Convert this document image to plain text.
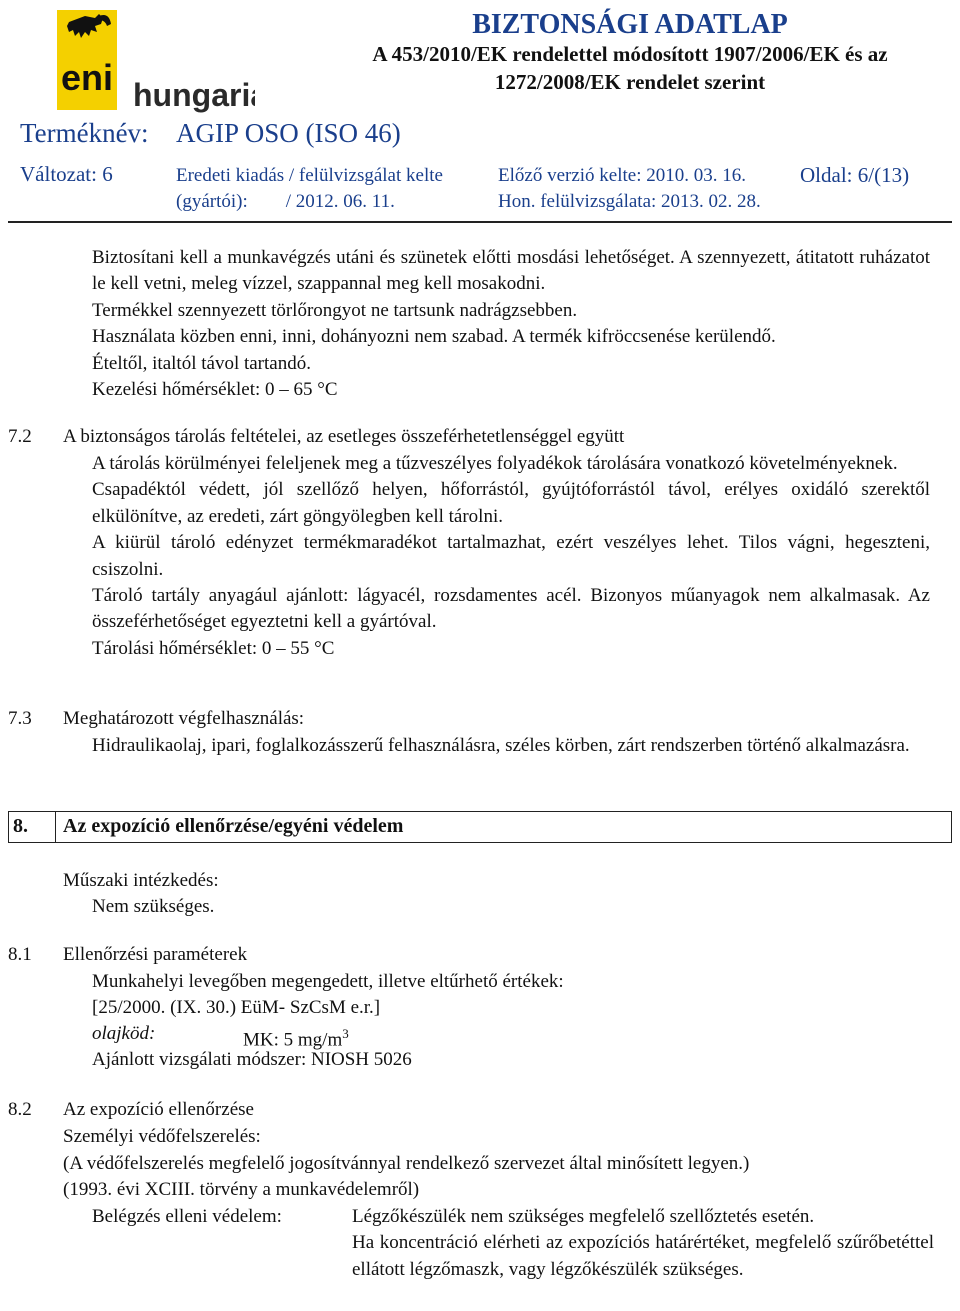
eni hungaria
BIZTONSÁGI ADATLAP
A 453/2010/EK rendelettel módosított 1907/2006/EK és az
1272/2008/EK rendelet szerint
Terméknév: AGIP OSO (ISO 46)
Változat: 6	Eredeti kiadás / felülvizsgálat kelte
(gyártói):        / 2012. 06. 11.
Előző verzió kelte: 2010. 03. 16.
Hon. felülvizsgálata: 2013. 02. 28.
Oldal: 6/(13)
Biztosítani kell a munkavégzés utáni és szünetek előtti mosdási lehetőséget. A szennyezett, átitatott ruházatot le kell vetni, meleg vízzel, szappannal meg kell mosakodni.
Termékkel szennyezett törlőrongyot ne tartsunk nadrágzsebben.
Használata közben enni, inni, dohányozni nem szabad. A termék kifröccsenése kerülendő.
Ételtől, italtól távol tartandó.
Kezelési hőmérséklet: 0 – 65 °C
7.2 A biztonságos tárolás feltételei, az esetleges összeférhetetlenséggel együtt
A tárolás körülményei feleljenek meg a tűzveszélyes folyadékok tárolására vonatkozó követelményeknek.
Csapadéktól védett, jól szellőző helyen, hőforrástól, gyújtóforrástól távol, erélyes oxidáló szerektől elkülönítve, az eredeti, zárt göngyölegben kell tárolni.
A kiürül tároló edényzet termékmaradékot tartalmazhat, ezért veszélyes lehet. Tilos vágni, hegeszteni, csiszolni.
Tároló tartály anyagául ajánlott: lágyacél, rozsdamentes acél. Bizonyos műanyagok nem alkalmasak. Az összeférhetőséget egyeztetni kell a gyártóval.
Tárolási hőmérséklet: 0 – 55 °C
7.3 Meghatározott végfelhasználás:
Hidraulikaolaj, ipari, foglalkozásszerű felhasználásra, széles körben, zárt rendszerben történő alkalmazásra.
8. Az expozíció ellenőrzése/egyéni védelem
Műszaki intézkedés:
Nem szükséges.
8.1 Ellenőrzési paraméterek
Munkahelyi levegőben megengedett, illetve eltűrhető értékek:
[25/2000. (IX. 30.) EüM- SzCsM e.r.]
olajköd:	MK: 5 $mg/m^3$
Ajánlott vizsgálati módszer: NIOSH 5026
8.2 Az expozíció ellenőrzése
Személyi védőfelszerelés:
(A védőfelszerelés megfelelő jogosítvánnyal rendelkező szervezet által minősített legyen.)
(1993. évi XCIII. törvény a munkavédelemről)
Belégzés elleni védelem:	Légzőkészülék nem szükséges megfelelő szellőztetés esetén.
Ha koncentráció elérheti az expozíciós határértéket, megfelelő szűrőbetéttel ellátott légzőmaszk, vagy légzőkészülék szükséges.
